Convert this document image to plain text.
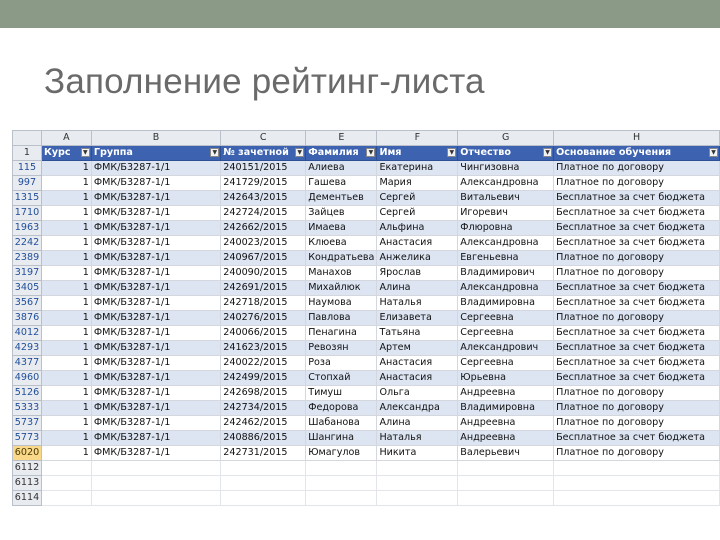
Заполнение рейтинг-листа
	A	B	C	E	F	G	H
1	Курс ▼	Группа ▼	№ зачетной ▼	Фамилия ▼	Имя ▼	Отчество ▼	Основание обучения ▼

115	1	ФМК/Б3287-1/1	240151/2015	Алиева	Екатерина	Чингизовна	Платное по договору
997	1	ФМК/Б3287-1/1	241729/2015	Гашева	Мария	Александровна	Платное по договору
1315	1	ФМК/Б3287-1/1	242643/2015	Дементьев	Сергей	Витальевич	Бесплатное за счет бюджета
1710	1	ФМК/Б3287-1/1	242724/2015	Зайцев	Сергей	Игоревич	Бесплатное за счет бюджета
1963	1	ФМК/Б3287-1/1	242662/2015	Имаева	Альфина	Флюровна	Бесплатное за счет бюджета
2242	1	ФМК/Б3287-1/1	240023/2015	Клюева	Анастасия	Александровна	Бесплатное за счет бюджета
2389	1	ФМК/Б3287-1/1	240967/2015	Кондратьева	Анжелика	Евгеньевна	Платное по договору
3197	1	ФМК/Б3287-1/1	240090/2015	Манахов	Ярослав	Владимирович	Платное по договору
3405	1	ФМК/Б3287-1/1	242691/2015	Михайлюк	Алина	Александровна	Бесплатное за счет бюджета
3567	1	ФМК/Б3287-1/1	242718/2015	Наумова	Наталья	Владимировна	Бесплатное за счет бюджета
3876	1	ФМК/Б3287-1/1	240276/2015	Павлова	Елизавета	Сергеевна	Платное по договору
4012	1	ФМК/Б3287-1/1	240066/2015	Пенагина	Татьяна	Сергеевна	Бесплатное за счет бюджета
4293	1	ФМК/Б3287-1/1	241623/2015	Ревозян	Артем	Александрович	Бесплатное за счет бюджета
4377	1	ФМК/Б3287-1/1	240022/2015	Роза	Анастасия	Сергеевна	Бесплатное за счет бюджета
4960	1	ФМК/Б3287-1/1	242499/2015	Стопхай	Анастасия	Юрьевна	Бесплатное за счет бюджета
5126	1	ФМК/Б3287-1/1	242698/2015	Тимуш	Ольга	Андреевна	Платное по договору
5333	1	ФМК/Б3287-1/1	242734/2015	Федорова	Александра	Владимировна	Платное по договору
5737	1	ФМК/Б3287-1/1	242462/2015	Шабанова	Алина	Андреевна	Платное по договору
5773	1	ФМК/Б3287-1/1	240886/2015	Шангина	Наталья	Андреевна	Бесплатное за счет бюджета
6020	1	ФМК/Б3287-1/1	242731/2015	Юмагулов	Никита	Валерьевич	Платное по договору
6112							
6113							
6114							
